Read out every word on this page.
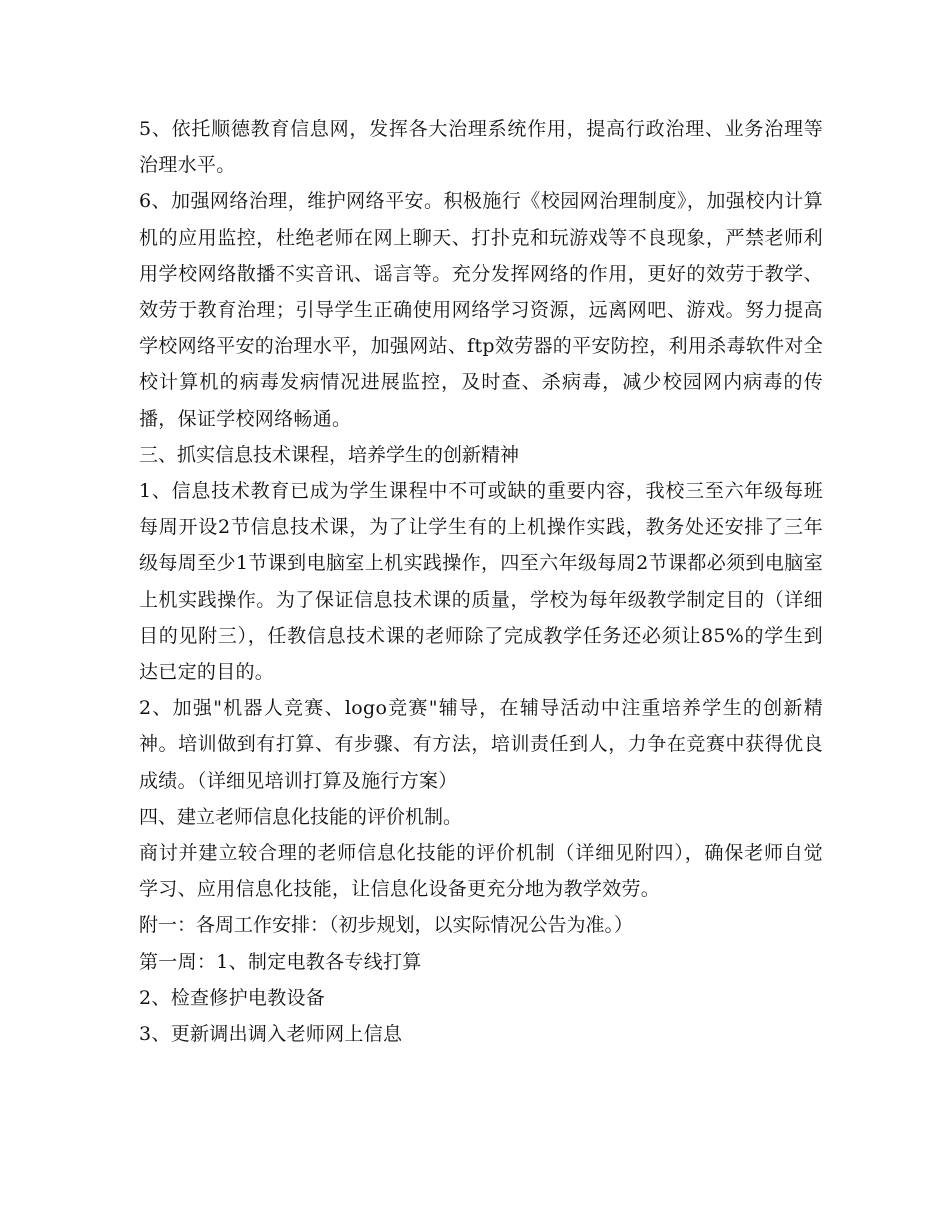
5、依托顺德教育信息网，发挥各大治理系统作用，提高行政治理、业务治理等治理水平。

6、加强网络治理，维护网络平安。积极施行《校园网治理制度》，加强校内计算机的应用监控，杜绝老师在网上聊天、打扑克和玩游戏等不良现象，严禁老师利用学校网络散播不实音讯、谣言等。充分发挥网络的作用，更好的效劳于教学、效劳于教育治理；引导学生正确使用网络学习资源，远离网吧、游戏。努力提高学校网络平安的治理水平，加强网站、ftp效劳器的平安防控，利用杀毒软件对全校计算机的病毒发病情况进展监控，及时查、杀病毒，减少校园网内病毒的传播，保证学校网络畅通。

三、抓实信息技术课程，培养学生的创新精神

1、信息技术教育已成为学生课程中不可或缺的重要内容，我校三至六年级每班每周开设2节信息技术课，为了让学生有的上机操作实践，教务处还安排了三年级每周至少1节课到电脑室上机实践操作，四至六年级每周2节课都必须到电脑室上机实践操作。为了保证信息技术课的质量，学校为每年级教学制定目的（详细目的见附三），任教信息技术课的老师除了完成教学任务还必须让85%的学生到达已定的目的。

2、加强"机器人竞赛、logo竞赛"辅导，在辅导活动中注重培养学生的创新精神。培训做到有打算、有步骤、有方法，培训责任到人，力争在竞赛中获得优良成绩。（详细见培训打算及施行方案）

四、建立老师信息化技能的评价机制。

商讨并建立较合理的老师信息化技能的评价机制（详细见附四），确保老师自觉学习、应用信息化技能，让信息化设备更充分地为教学效劳。

附一：各周工作安排：（初步规划，以实际情况公告为准。）

第一周：1、制定电教各专线打算

2、检查修护电教设备

3、更新调出调入老师网上信息
